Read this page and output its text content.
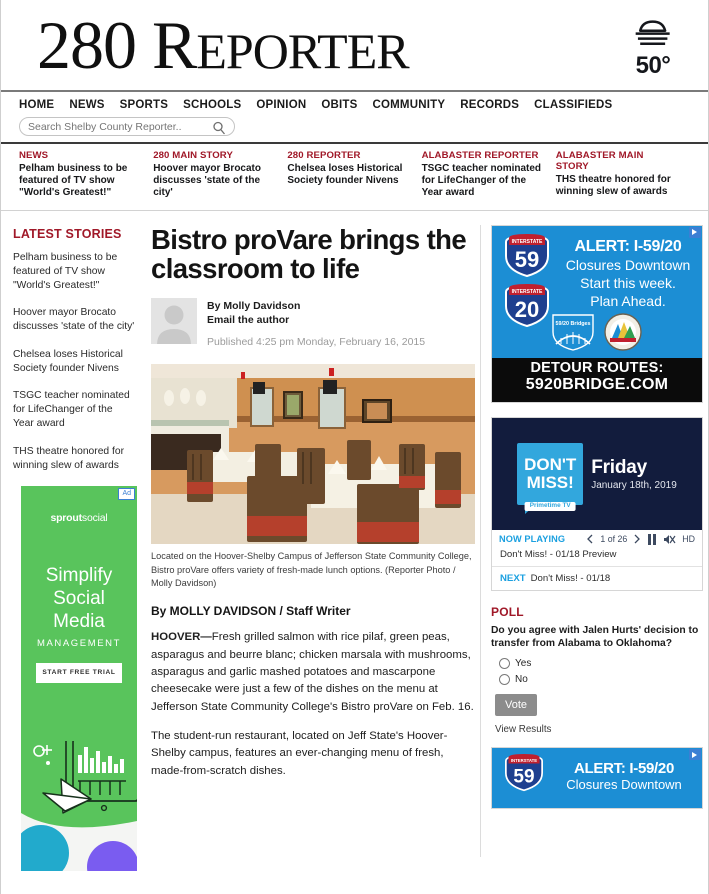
280 REPORTER	50°
HOME NEWS SPORTS SCHOOLS OPINION OBITS COMMUNITY RECORDS CLASSIFIEDS
Search Shelby County Reporter..
NEWS
Pelham business to be featured of TV show "World's Greatest!"
280 MAIN STORY
Hoover mayor Brocato discusses 'state of the city'
280 REPORTER
Chelsea loses Historical Society founder Nivens
ALABASTER REPORTER
TSGC teacher nominated for LifeChanger of the Year award
ALABASTER MAIN STORY
THS theatre honored for winning slew of awards
LATEST STORIES
Pelham business to be featured of TV show "World's Greatest!"
Hoover mayor Brocato discusses 'state of the city'
Chelsea loses Historical Society founder Nivens
TSGC teacher nominated for LifeChanger of the Year award
THS theatre honored for winning slew of awards
Ad
sproutsocial
Simplify
Social
Media
MANAGEMENT
START FREE TRIAL
Bistro proVare brings the classroom to life
By Molly Davidson
Email the author
Published 4:25 pm Monday, February 16, 2015
Located on the Hoover-Shelby Campus of Jefferson State Community College, Bistro proVare offers variety of fresh-made lunch options. (Reporter Photo / Molly Davidson)
By MOLLY DAVIDSON / Staff Writer
HOOVER—Fresh grilled salmon with rice pilaf, green peas, asparagus and beurre blanc; chicken marsala with mushrooms, asparagus and garlic mashed potatoes and mascarpone cheesecake were just a few of the dishes on the menu at Jefferson State Community College's Bistro proVare on Feb. 16.
The student-run restaurant, located on Jeff State's Hoover-Shelby campus, features an ever-changing menu of fresh, made-from-scratch dishes.
INTERSTATE
59
INTERSTATE
20
ALERT: I-59/20
Closures Downtown
Start this week.
Plan Ahead.
59/20 Bridges
DETOUR ROUTES:
5920BRIDGE.COM
DON'T
MISS!
Primetime TV
Friday
January 18th, 2019
NOW PLAYING	1 of 26	HD
Don't Miss! - 01/18 Preview
NEXT Don't Miss! - 01/18
POLL
Do you agree with Jalen Hurts' decision to transfer from Alabama to Oklahoma?
Yes
No
Vote
View Results
INTERSTATE
59	ALERT: I-59/20
Closures Downtown
